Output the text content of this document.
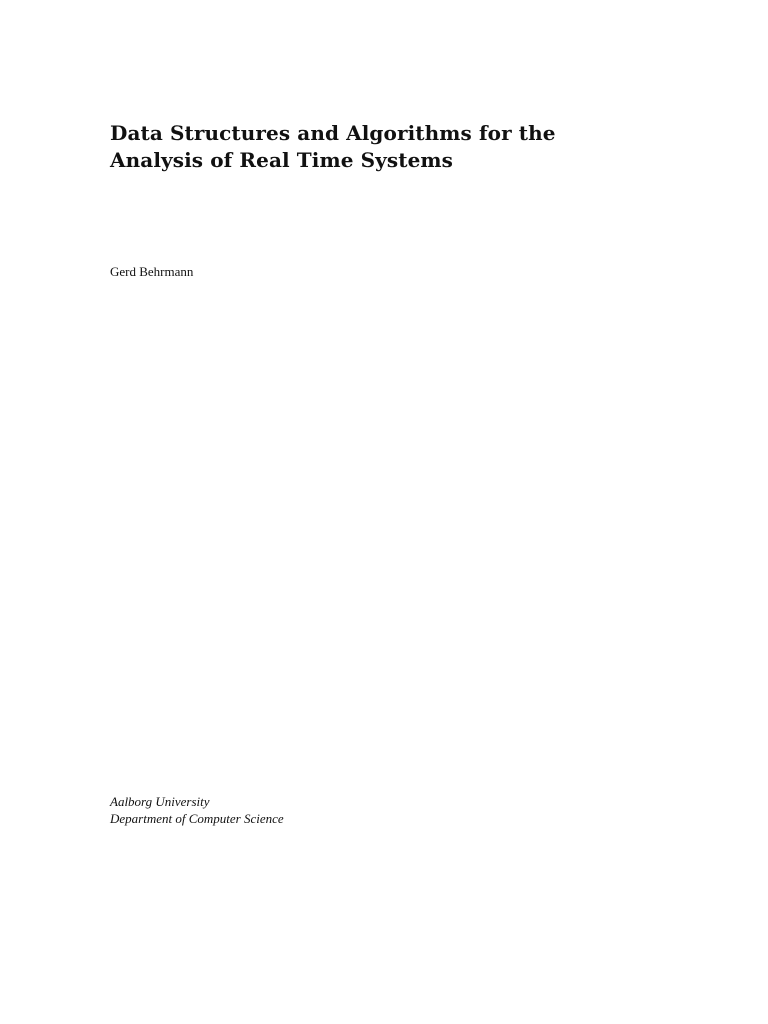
Data Structures and Algorithms for the
Analysis of Real Time Systems
Gerd Behrmann
Aalborg University
Department of Computer Science
